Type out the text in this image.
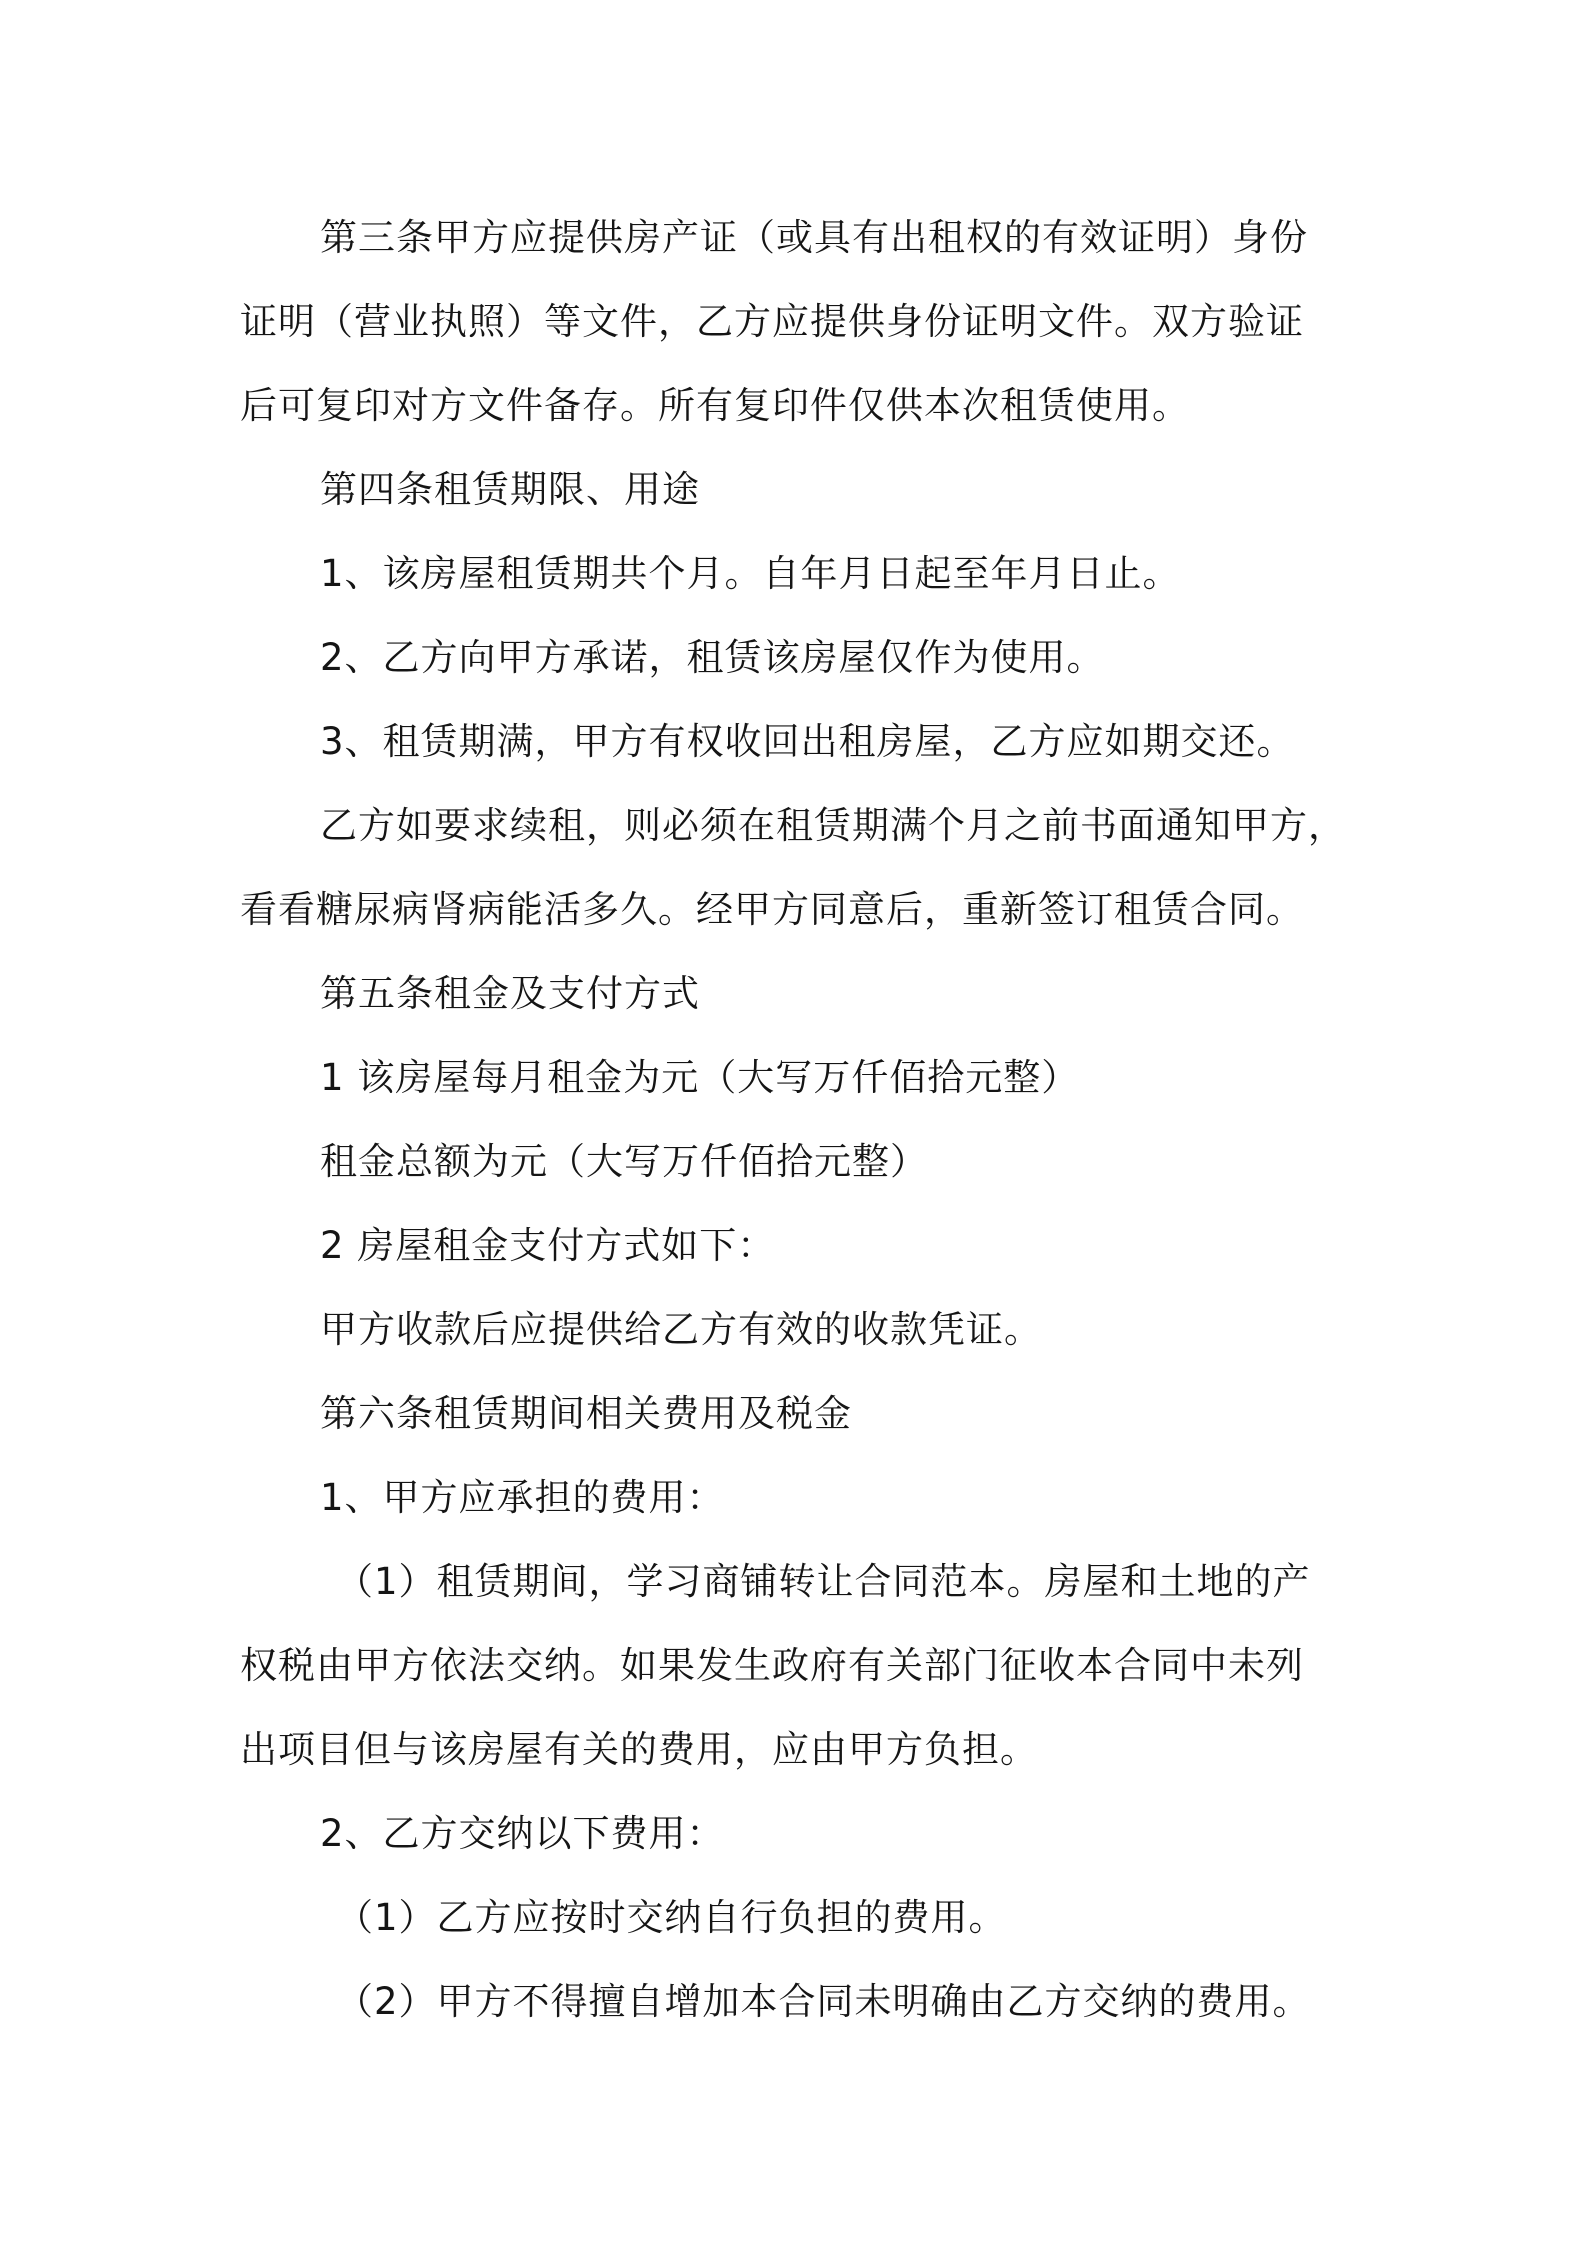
第三条甲方应提供房产证（或具有出租权的有效证明）身份

证明（营业执照）等文件，乙方应提供身份证明文件。双方验证

后可复印对方文件备存。所有复印件仅供本次租赁使用。

第四条租赁期限、用途

1、该房屋租赁期共个月。自年月日起至年月日止。

2、乙方向甲方承诺，租赁该房屋仅作为使用。

3、租赁期满，甲方有权收回出租房屋，乙方应如期交还。

乙方如要求续租，则必须在租赁期满个月之前书面通知甲方，

看看糖尿病肾病能活多久。经甲方同意后，重新签订租赁合同。

第五条租金及支付方式

1 该房屋每月租金为元（大写万仟佰拾元整）

租金总额为元（大写万仟佰拾元整）

2 房屋租金支付方式如下：

甲方收款后应提供给乙方有效的收款凭证。

第六条租赁期间相关费用及税金

1、甲方应承担的费用：

（1）租赁期间，学习商铺转让合同范本。房屋和土地的产

权税由甲方依法交纳。如果发生政府有关部门征收本合同中未列

出项目但与该房屋有关的费用，应由甲方负担。

2、乙方交纳以下费用：

（1）乙方应按时交纳自行负担的费用。

（2）甲方不得擅自增加本合同未明确由乙方交纳的费用。
